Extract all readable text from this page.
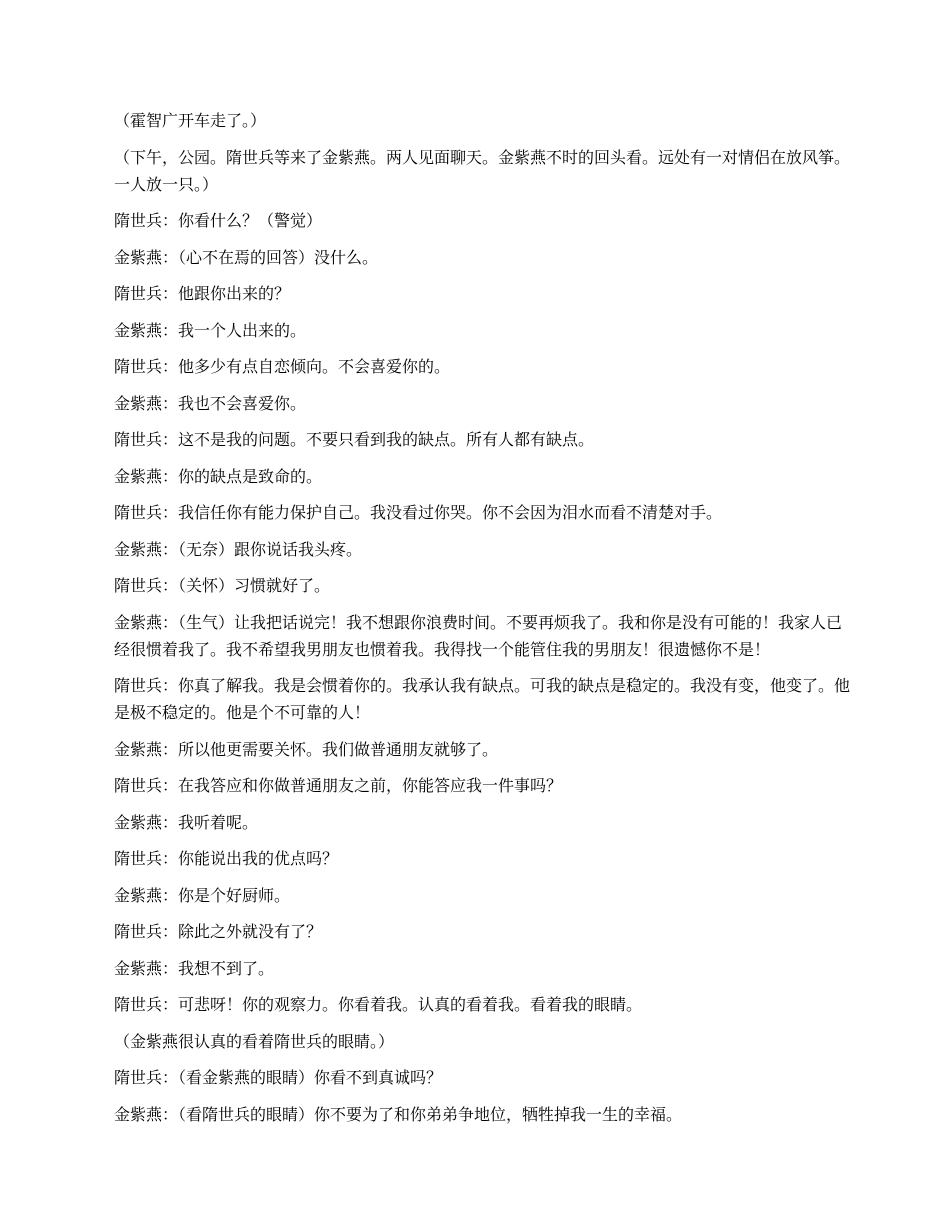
（霍智广开车走了。）

（下午，公园。隋世兵等来了金紫燕。两人见面聊天。金紫燕不时的回头看。远处有一对情侣在放风筝。一人放一只。）

隋世兵：你看什么？（警觉）

金紫燕：（心不在焉的回答）没什么。

隋世兵：他跟你出来的？

金紫燕：我一个人出来的。

隋世兵：他多少有点自恋倾向。不会喜爱你的。

金紫燕：我也不会喜爱你。

隋世兵：这不是我的问题。不要只看到我的缺点。所有人都有缺点。

金紫燕：你的缺点是致命的。

隋世兵：我信任你有能力保护自己。我没看过你哭。你不会因为泪水而看不清楚对手。

金紫燕：（无奈）跟你说话我头疼。

隋世兵：（关怀）习惯就好了。

金紫燕：（生气）让我把话说完！我不想跟你浪费时间。不要再烦我了。我和你是没有可能的！我家人已经很惯着我了。我不希望我男朋友也惯着我。我得找一个能管住我的男朋友！很遗憾你不是！

隋世兵：你真了解我。我是会惯着你的。我承认我有缺点。可我的缺点是稳定的。我没有变，他变了。他是极不稳定的。他是个不可靠的人！

金紫燕：所以他更需要关怀。我们做普通朋友就够了。

隋世兵：在我答应和你做普通朋友之前，你能答应我一件事吗？

金紫燕：我听着呢。

隋世兵：你能说出我的优点吗？

金紫燕：你是个好厨师。

隋世兵：除此之外就没有了？

金紫燕：我想不到了。

隋世兵：可悲呀！你的观察力。你看着我。认真的看着我。看着我的眼睛。

（金紫燕很认真的看着隋世兵的眼睛。）

隋世兵：（看金紫燕的眼睛）你看不到真诚吗？

金紫燕：（看隋世兵的眼睛）你不要为了和你弟弟争地位，牺牲掉我一生的幸福。
